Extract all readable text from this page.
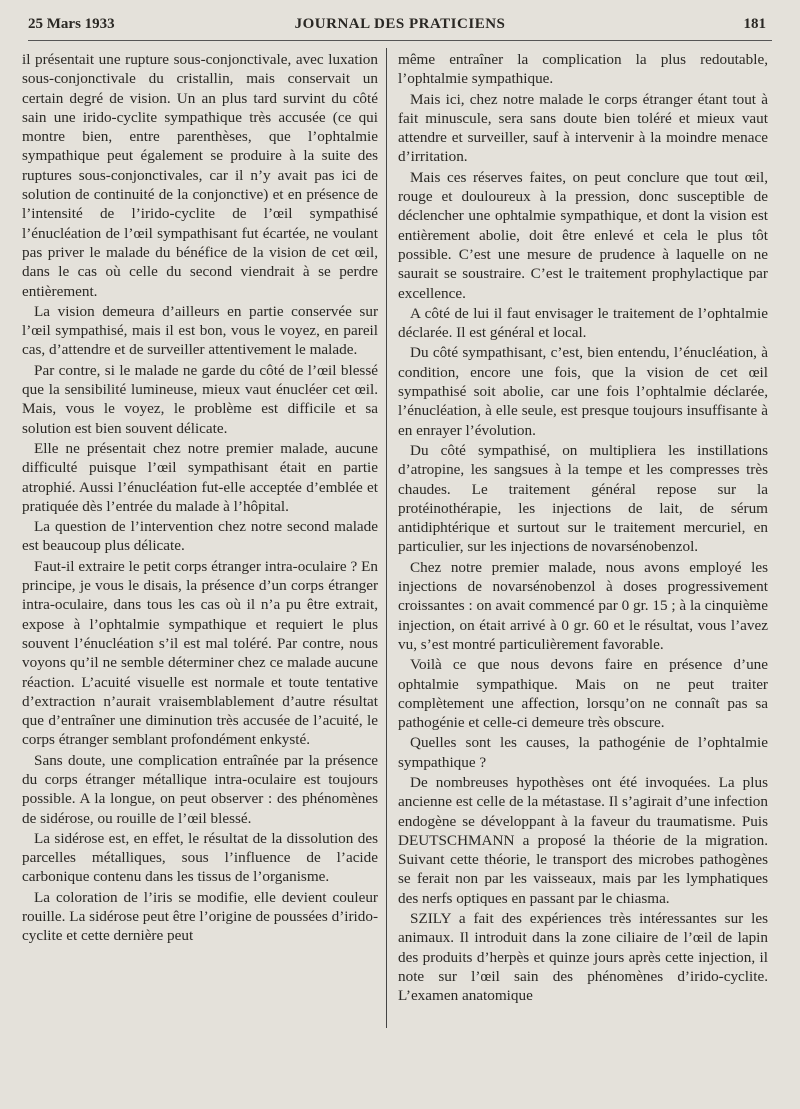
25 Mars 1933	JOURNAL DES PRATICIENS	181

il présentait une rupture sous-conjonctivale, avec luxation sous-conjonctivale du cristallin, mais conservait un certain degré de vision. Un an plus tard survint du côté sain une irido-cyclite sympathique très accusée (ce qui montre bien, entre parenthèses, que l’ophtalmie sympathique peut également se produire à la suite des ruptures sous-conjonctivales, car il n’y avait pas ici de solution de continuité de la conjonctive) et en présence de l’intensité de l’irido-cyclite de l’œil sympathisé l’énucléation de l’œil sympathisant fut écartée, ne voulant pas priver le malade du bénéfice de la vision de cet œil, dans le cas où celle du second viendrait à se perdre entièrement.

La vision demeura d’ailleurs en partie conservée sur l’œil sympathisé, mais il est bon, vous le voyez, en pareil cas, d’attendre et de surveiller attentivement le malade.

Par contre, si le malade ne garde du côté de l’œil blessé que la sensibilité lumineuse, mieux vaut énucléer cet œil. Mais, vous le voyez, le problème est difficile et sa solution est bien souvent délicate.

Elle ne présentait chez notre premier malade, aucune difficulté puisque l’œil sympathisant était en partie atrophié. Aussi l’énucléation fut-elle acceptée d’emblée et pratiquée dès l’entrée du malade à l’hôpital.

La question de l’intervention chez notre second malade est beaucoup plus délicate.

Faut-il extraire le petit corps étranger intra-oculaire ? En principe, je vous le disais, la présence d’un corps étranger intra-oculaire, dans tous les cas où il n’a pu être extrait, expose à l’ophtalmie sympathique et requiert le plus souvent l’énucléation s’il est mal toléré. Par contre, nous voyons qu’il ne semble déterminer chez ce malade aucune réaction. L’acuité visuelle est normale et toute tentative d’extraction n’aurait vraisemblablement d’autre résultat que d’entraîner une diminution très accusée de l’acuité, le corps étranger semblant profondément enkysté.

Sans doute, une complication entraînée par la présence du corps étranger métallique intra-oculaire est toujours possible. A la longue, on peut observer : des phénomènes de sidérose, ou rouille de l’œil blessé.

La sidérose est, en effet, le résultat de la dissolution des parcelles métalliques, sous l’influence de l’acide carbonique contenu dans les tissus de l’organisme.

La coloration de l’iris se modifie, elle devient couleur rouille. La sidérose peut être l’origine de poussées d’irido-cyclite et cette dernière peut

même entraîner la complication la plus redoutable, l’ophtalmie sympathique.

Mais ici, chez notre malade le corps étranger étant tout à fait minuscule, sera sans doute bien toléré et mieux vaut attendre et surveiller, sauf à intervenir à la moindre menace d’irritation.

Mais ces réserves faites, on peut conclure que tout œil, rouge et douloureux à la pression, donc susceptible de déclencher une ophtalmie sympathique, et dont la vision est entièrement abolie, doit être enlevé et cela le plus tôt possible. C’est une mesure de prudence à laquelle on ne saurait se soustraire. C’est le traitement prophylactique par excellence.

A côté de lui il faut envisager le traitement de l’ophtalmie déclarée. Il est général et local.

Du côté sympathisant, c’est, bien entendu, l’énucléation, à condition, encore une fois, que la vision de cet œil sympathisé soit abolie, car une fois l’ophtalmie déclarée, l’énucléation, à elle seule, est presque toujours insuffisante à en enrayer l’évolution.

Du côté sympathisé, on multipliera les instillations d’atropine, les sangsues à la tempe et les compresses très chaudes. Le traitement général repose sur la protéinothérapie, les injections de lait, de sérum antidiphtérique et surtout sur le traitement mercuriel, en particulier, sur les injections de novarsénobenzol.

Chez notre premier malade, nous avons employé les injections de novarsénobenzol à doses progressivement croissantes : on avait commencé par 0 gr. 15 ; à la cinquième injection, on était arrivé à 0 gr. 60 et le résultat, vous l’avez vu, s’est montré particulièrement favorable.

Voilà ce que nous devons faire en présence d’une ophtalmie sympathique. Mais on ne peut traiter complètement une affection, lorsqu’on ne connaît pas sa pathogénie et celle-ci demeure très obscure.

Quelles sont les causes, la pathogénie de l’ophtalmie sympathique ?

De nombreuses hypothèses ont été invoquées. La plus ancienne est celle de la métastase. Il s’agirait d’une infection endogène se développant à la faveur du traumatisme. Puis DEUTSCHMANN a proposé la théorie de la migration. Suivant cette théorie, le transport des microbes pathogènes se ferait non par les vaisseaux, mais par les lymphatiques des nerfs optiques en passant par le chiasma.

SZILY a fait des expériences très intéressantes sur les animaux. Il introduit dans la zone ciliaire de l’œil de lapin des produits d’herpès et quinze jours après cette injection, il note sur l’œil sain des phénomènes d’irido-cyclite. L’examen anatomique
